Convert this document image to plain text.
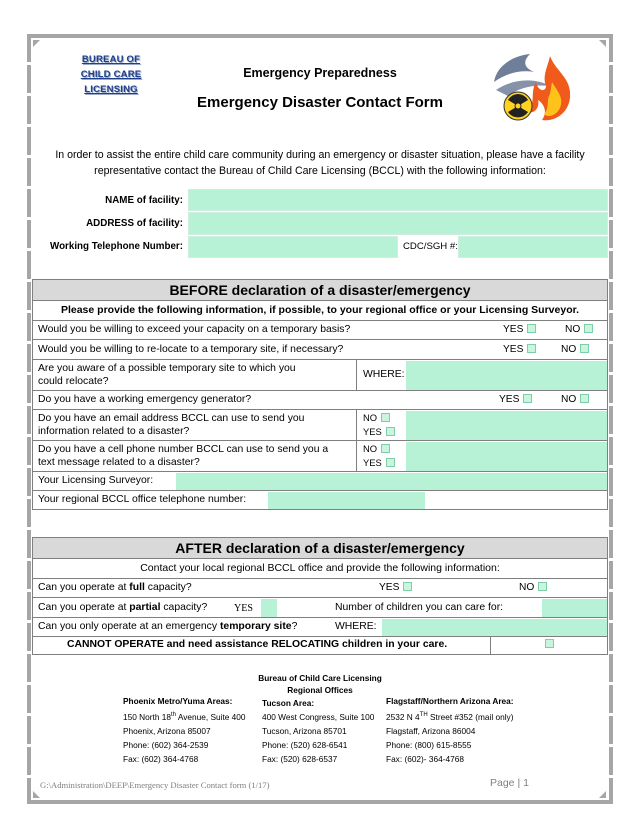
BUREAU OF
CHILD CARE
LICENSING
Emergency Preparedness
Emergency Disaster Contact Form
In order to assist the entire child care community during an emergency or disaster situation, please have a facility representative contact the Bureau of Child Care Licensing (BCCL) with the following information:
NAME of facility:
ADDRESS of facility:
Working Telephone Number:	CDC/SGH #:
BEFORE declaration of a disaster/emergency
Please provide the following information, if possible, to your regional office or your Licensing Surveyor.
Would you be willing to exceed your capacity on a temporary basis?	YES	NO
Would you be willing to re-locate to a temporary site, if necessary?	YES	NO
Are you aware of a possible temporary site to which you
could relocate?
WHERE:
Do you have a working emergency generator?	YES	NO
Do you have an email address BCCL can use to send you
information related to a disaster?
NO
YES
Do you have a cell phone number BCCL can use to send you a
text message related to a disaster?
NO
YES
Your Licensing Surveyor:
Your regional BCCL office telephone number:
AFTER declaration of a disaster/emergency
Contact your local regional BCCL office and provide the following information:
Can you operate at full capacity?	YES	NO
Can you operate at partial capacity?	YES	Number of children you can care for:
Can you only operate at an emergency temporary site?	WHERE:
CANNOT OPERATE and need assistance RELOCATING children in your care.
Bureau of Child Care Licensing
Regional Offices
Phoenix Metro/Yuma Areas:
150 North 18th Avenue, Suite 400
Phoenix, Arizona 85007
Phone: (602) 364-2539
Fax: (602) 364-4768
Tucson Area:
400 West Congress, Suite 100
Tucson, Arizona 85701
Phone: (520) 628-6541
Fax: (520) 628-6537
Flagstaff/Northern Arizona Area:
2532 N 4TH Street #352 (mail only)
Flagstaff, Arizona 86004
Phone: (800) 615-8555
Fax: (602)- 364-4768
G:\Administration\DEEP\Emergency Disaster Contact form (1/17)	Page | 1
